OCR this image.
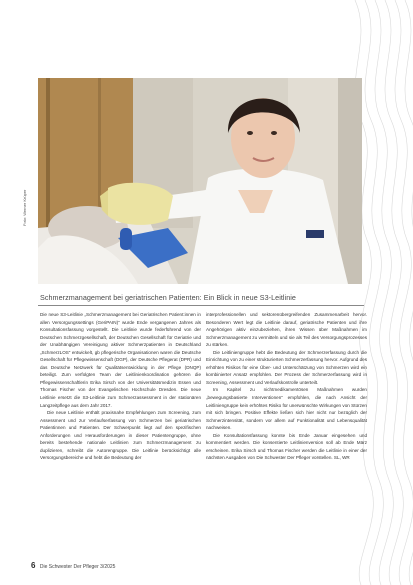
Foto: Werner Krüper
Schmerzmanagement bei geriatrischen Patienten: Ein Blick in neue S3-Leitlinie

Die neue S3-Leitlinie „Schmerzmanagement bei Geriatrischen Patient:innen in allen Versorgungssettings (GeriPAIN)“ wurde Ende vergangenen Jahres als Konsultationsfassung vorgestellt. Die Leitlinie wurde federführend von der Deutschen Schmerzgesellschaft, der Deutschen Gesellschaft für Geriatrie und der Unabhängigen Vereinigung aktiver Schmerzpatienten in Deutschland „SchmerzLOS“ entwickelt, gb pflegerische Organisationen waren die Deutsche Gesellschaft für Pflegewissenschaft (DGP), der Deutsche Pflegerat (DPR) und das Deutsche Netzwerk für Qualitätsentwicklung in der Pflege (DNQP) beteiligt. Zum verfolgten Team der Leitlinienkoordination gehören die Pflegewissenschaftlerin Erika Sirsch von der Universitätsmedizin Essen und Thomas Fischer von der Evangelischen Hochschule Dresden. Die neue Leitlinie ersetzt die S3-Leitlinie zum Schmerzassessment in der stationären Langzeitpflege aus dem Jahr 2017.

Die neue Leitlinie enthält praxisnahe Empfehlungen zum Screening, zum Assessment und zur Verlaufserfassung von Schmerzen bei geriatrischen Patientinnen und Patienten. Der Schwerpunkt liegt auf den spezifischen Anforderungen und Herausforderungen in dieser Patientengruppe, ohne bereits bestehende nationale Leitlinien zum Schmerzmanagement zu duplizieren, schreibt die Autorengruppe. Die Leitlinie berücksichtigt alle Versorgungsbereiche und hebt die Bedeutung der

interprofessionellen und sektorenübergreifenden Zusammenarbeit hervor. Besonderen Wert legt die Leitlinie darauf, geriatrische Patienten und ihre Angehörigen aktiv einzubeziehen, ihren Wissen über Maßnahmen im Schmerzmanagement zu vermitteln und sie als Teil des Versorgungsprozesses zu stärken.

Die Leitliniengruppe hebt die Bedeutung der Schmerzerfassung durch die Einrichtung von zu einer strukturierten Schmerzerfassung hervor. Aufgrund des erhöhten Risikos für eine Über- und Unterschätzung von Schmerzen wird ein kombinierter Ansatz empfohlen. Der Prozess der Schmerzerfassung wird in Screening, Assessment und Verlaufskontrolle unterteilt.

Im Kapitel zu nichtmedikamentösen Maßnahmen wurden „bewegungsbasierte Interventionen“ empfohlen, die nach Ansicht der Leitliniengruppe kein erhöhtes Risiko für unerwünschte Wirkungen von Stürzen mit sich bringen. Positive Effekte ließen sich hier nicht nur bezüglich der Schmerzintensität, sondern vor allem auf Funktionalität und Lebensqualität nachweisen.

Die Konsultationsfassung konnte bis Ende Januar eingesehen und kommentiert werden. Die konsentierte Leitlinienversion soll ab Ende März erscheinen. Erika Sirsch und Thomas Fischer werden die Leitlinie in einer der nächsten Ausgaben von Die Schwester Der Pfleger vorstellen. SL, WR

6 Die Schwester Der Pfleger 3/2025
